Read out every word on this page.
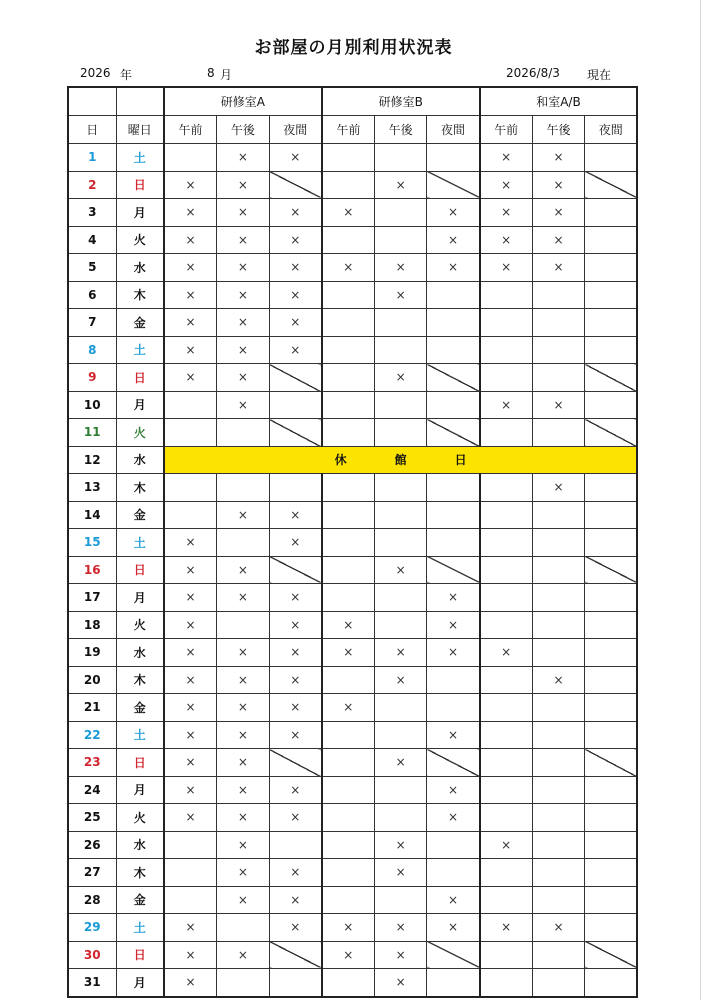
お部屋の月別利用状況表
2026 年	8 月	2026/8/3 現在
		研修室A			研修室B			和室A/B		
日	曜日	午前	午後	夜間	午前	午後	夜間	午前	午後	夜間
1	土		×	×				×	×	
2	日	×	×			×		×	×	
3	月	×	×	×	×		×	×	×	
4	火	×	×	×			×	×	×	
5	水	×	×	×	×	×	×	×	×	
6	木	×	×	×		×				
7	金	×	×	×						
8	土	×	×	×						
9	日	×	×			×				
10	月		×					×	×	
11	火									
12	水	休 館 日								
13	木								×	
14	金		×	×						
15	土	×		×						
16	日	×	×			×				
17	月	×	×	×			×			
18	火	×		×	×		×			
19	水	×	×	×	×	×	×	×		
20	木	×	×	×		×			×	
21	金	×	×	×	×					
22	土	×	×	×			×			
23	日	×	×			×				
24	月	×	×	×			×			
25	火	×	×	×			×			
26	水		×			×		×		
27	木		×	×		×				
28	金		×	×			×			
29	土	×		×	×	×	×	×	×	
30	日	×	×		×	×				
31	月	×				×				
